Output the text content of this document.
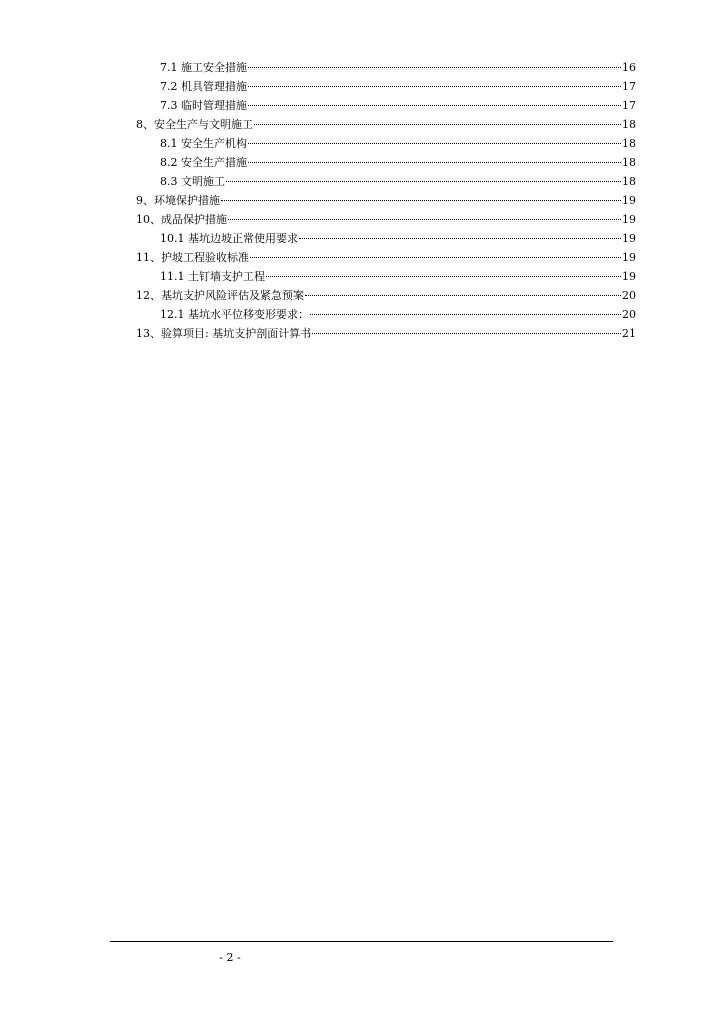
7.1 施工安全措施	16
7.2 机具管理措施	17
7.3 临时管理措施	17
8、安全生产与文明施工	18
8.1 安全生产机构	18
8.2 安全生产措施	18
8.3 文明施工	18
9、环境保护措施	19
10、成品保护措施	19
10.1 基坑边坡正常使用要求	19
11、护坡工程验收标准	19
11.1 土钉墙支护工程	19
12、基坑支护风险评估及紧急预案	20
12.1 基坑水平位移变形要求：	20
13、验算项目: 基坑支护剖面计算书	21
- 2 -
